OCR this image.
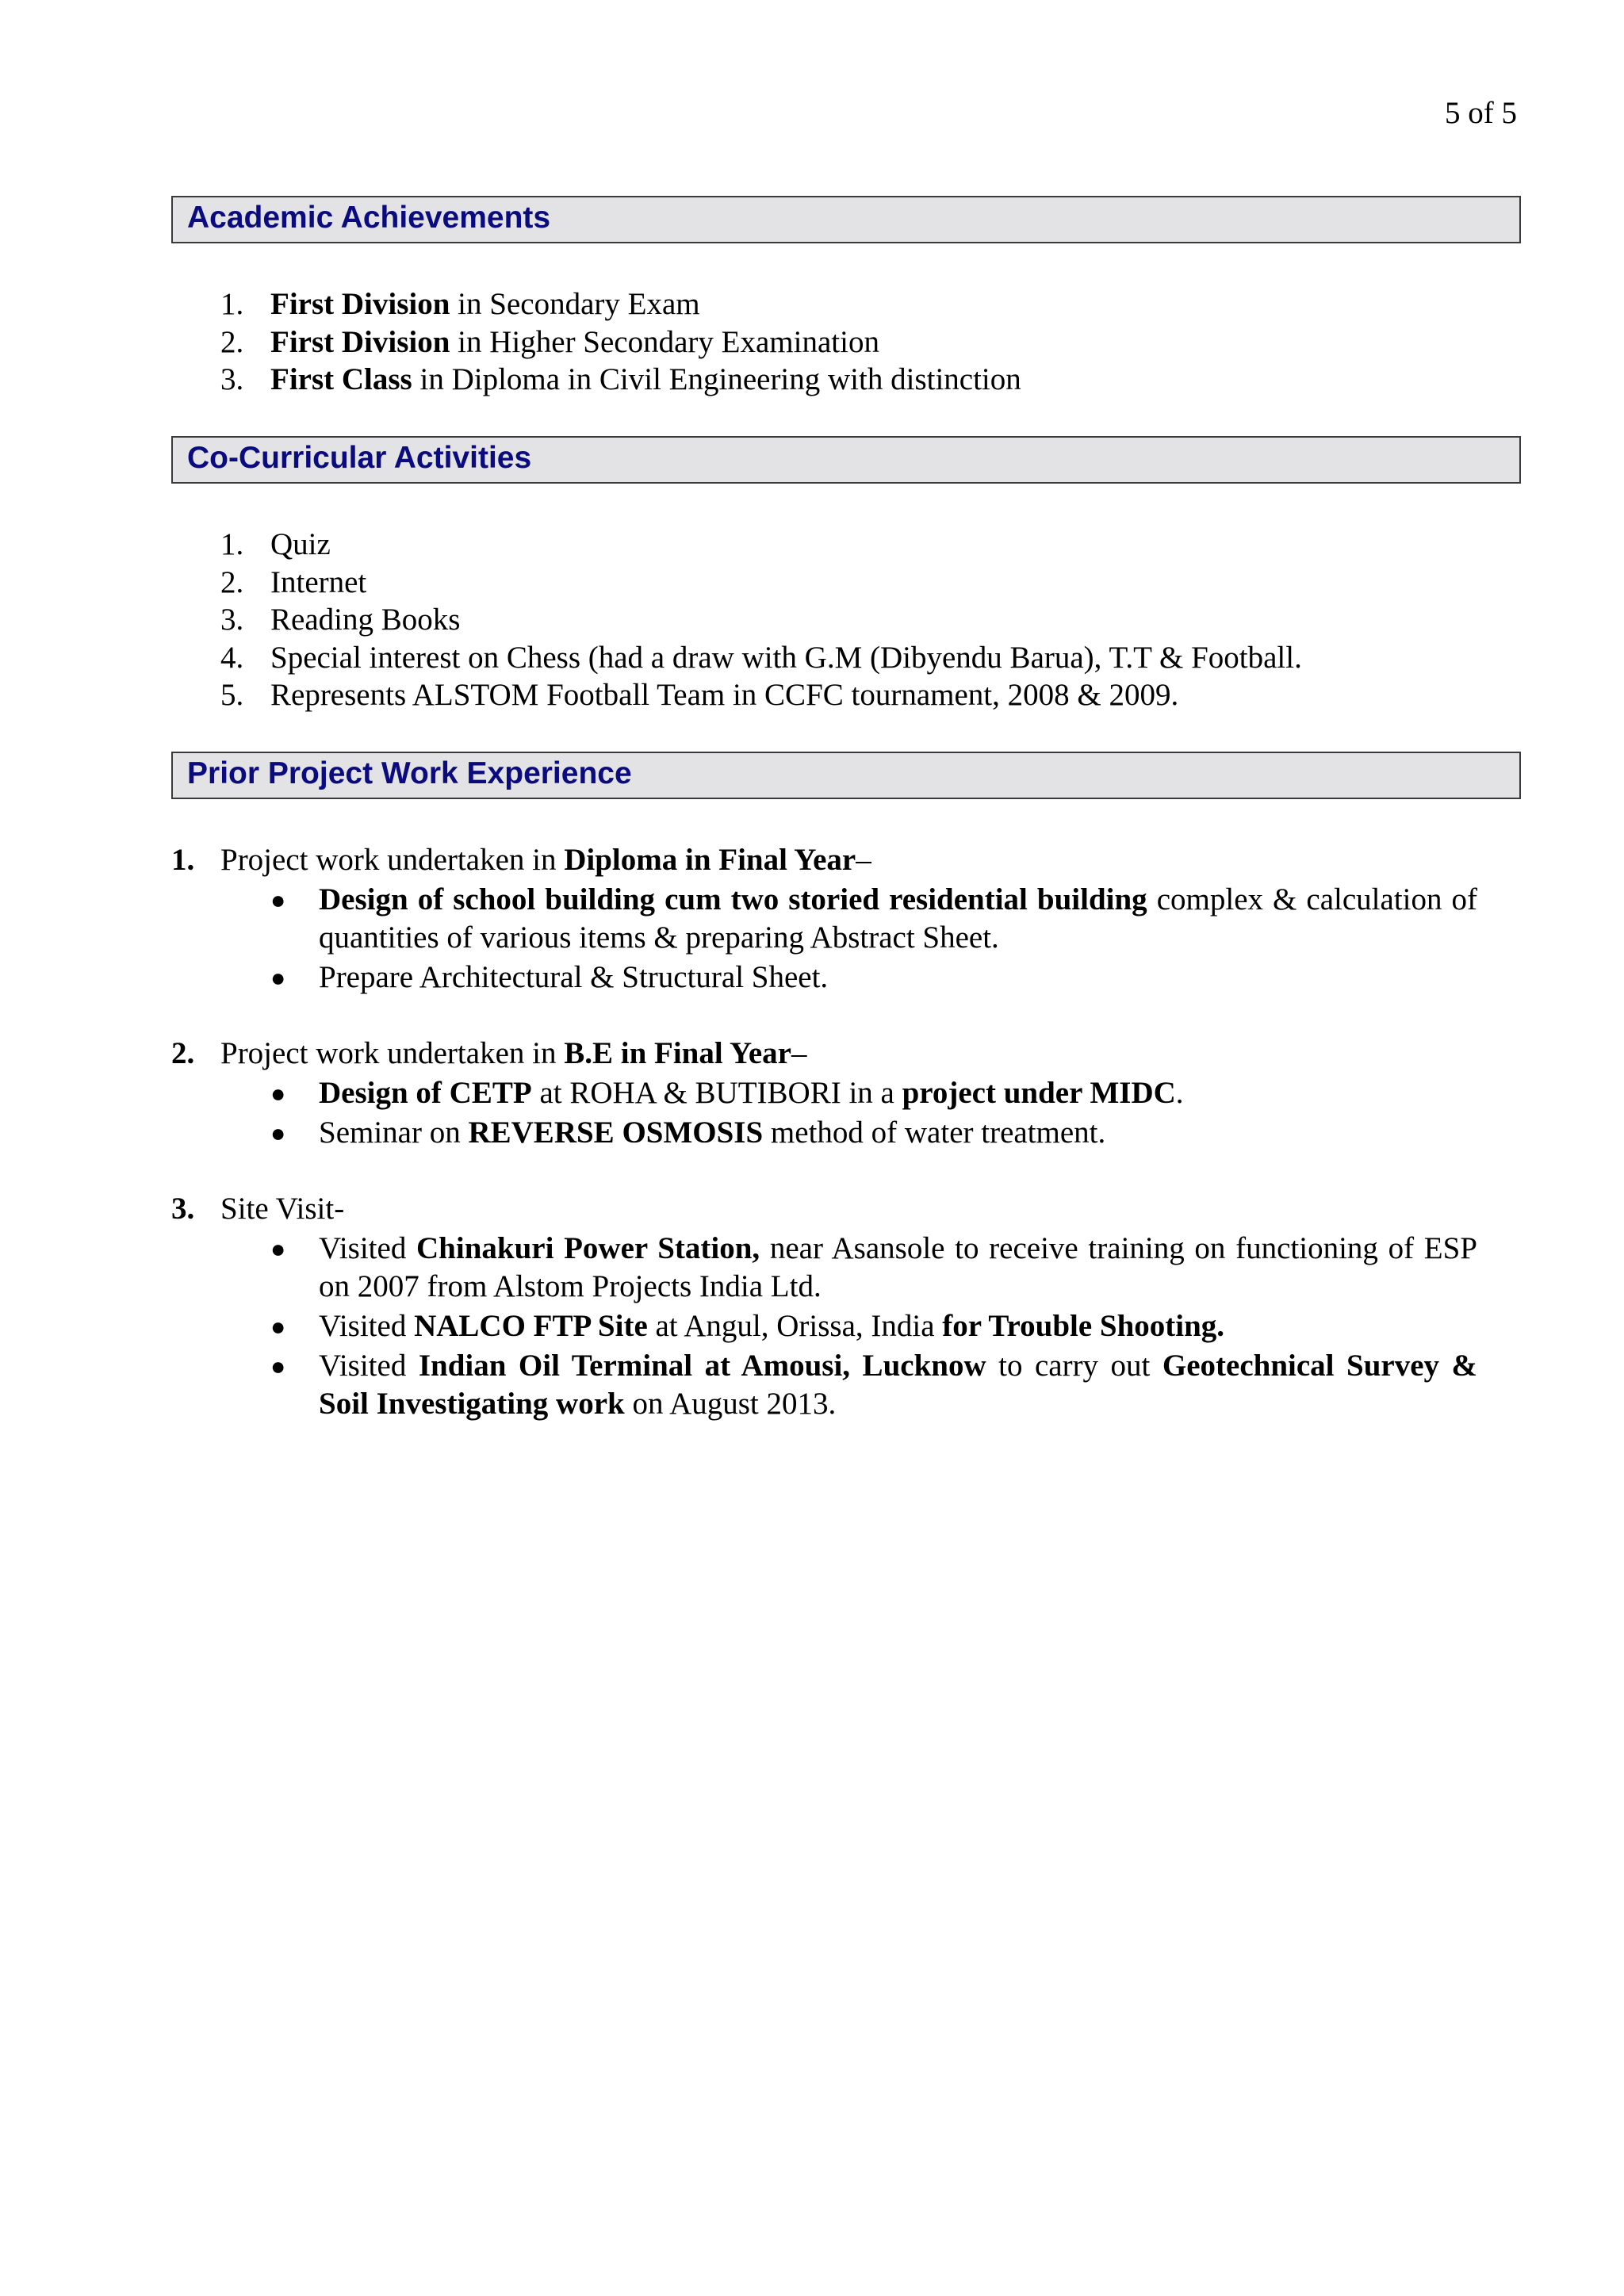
5 of 5
Academic Achievements
1. First Division in Secondary Exam
2. First Division in Higher Secondary Examination
3. First Class in Diploma in Civil Engineering with distinction
Co-Curricular Activities
1. Quiz
2. Internet
3. Reading Books
4. Special interest on Chess (had a draw with G.M (Dibyendu Barua), T.T & Football.
5. Represents ALSTOM Football Team in CCFC tournament, 2008 & 2009.
Prior Project Work Experience
1. Project work undertaken in Diploma in Final Year–
● Design of school building cum two storied residential building complex & calculation of quantities of various items & preparing Abstract Sheet.
● Prepare Architectural & Structural Sheet.
2. Project work undertaken in B.E in Final Year–
● Design of CETP at ROHA & BUTIBORI in a project under MIDC.
● Seminar on REVERSE OSMOSIS method of water treatment.
3. Site Visit-
● Visited Chinakuri Power Station, near Asansole to receive training on functioning of ESP on 2007 from Alstom Projects India Ltd.
● Visited NALCO FTP Site at Angul, Orissa, India for Trouble Shooting.
● Visited Indian Oil Terminal at Amousi, Lucknow to carry out Geotechnical Survey & Soil Investigating work on August 2013.
